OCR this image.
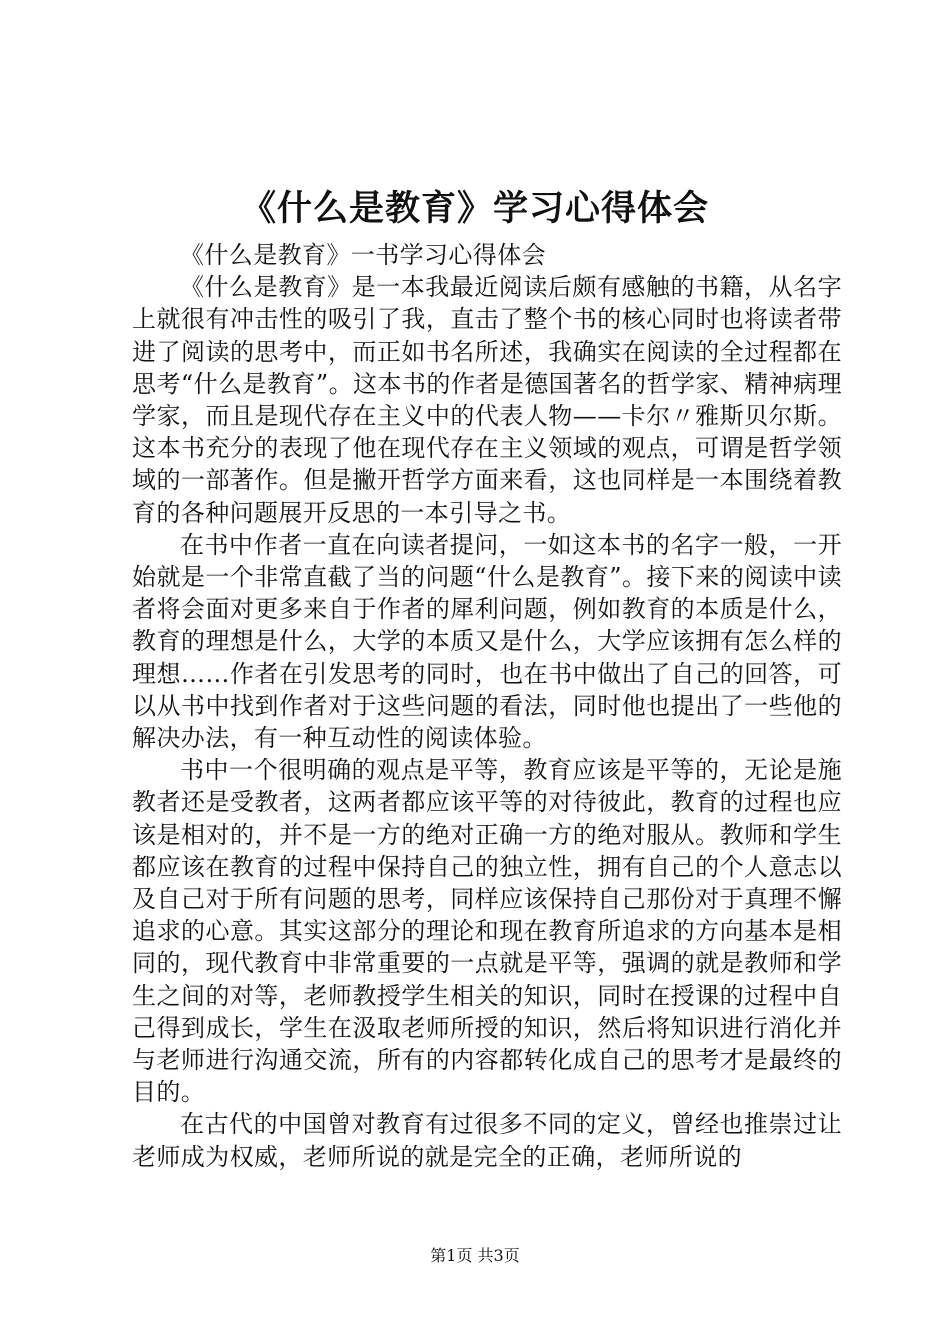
《什么是教育》学习心得体会

《什么是教育》一书学习心得体会

《什么是教育》是一本我最近阅读后颇有感触的书籍，从名字上就很有冲击性的吸引了我，直击了整个书的核心同时也将读者带进了阅读的思考中，而正如书名所述，我确实在阅读的全过程都在思考“什么是教育”。这本书的作者是德国著名的哲学家、精神病理学家，而且是现代存在主义中的代表人物——卡尔〃雅斯贝尔斯。这本书充分的表现了他在现代存在主义领域的观点，可谓是哲学领域的一部著作。但是撇开哲学方面来看，这也同样是一本围绕着教育的各种问题展开反思的一本引导之书。

在书中作者一直在向读者提问，一如这本书的名字一般，一开始就是一个非常直截了当的问题“什么是教育”。接下来的阅读中读者将会面对更多来自于作者的犀利问题，例如教育的本质是什么，教育的理想是什么，大学的本质又是什么，大学应该拥有怎么样的理想……作者在引发思考的同时，也在书中做出了自己的回答，可以从书中找到作者对于这些问题的看法，同时他也提出了一些他的解决办法，有一种互动性的阅读体验。

书中一个很明确的观点是平等，教育应该是平等的，无论是施教者还是受教者，这两者都应该平等的对待彼此，教育的过程也应该是相对的，并不是一方的绝对正确一方的绝对服从。教师和学生都应该在教育的过程中保持自己的独立性，拥有自己的个人意志以及自己对于所有问题的思考，同样应该保持自己那份对于真理不懈追求的心意。其实这部分的理论和现在教育所追求的方向基本是相同的，现代教育中非常重要的一点就是平等，强调的就是教师和学生之间的对等，老师教授学生相关的知识，同时在授课的过程中自己得到成长，学生在汲取老师所授的知识，然后将知识进行消化并与老师进行沟通交流，所有的内容都转化成自己的思考才是最终的目的。

在古代的中国曾对教育有过很多不同的定义，曾经也推崇过让老师成为权威，老师所说的就是完全的正确，老师所说的

第1页 共3页
